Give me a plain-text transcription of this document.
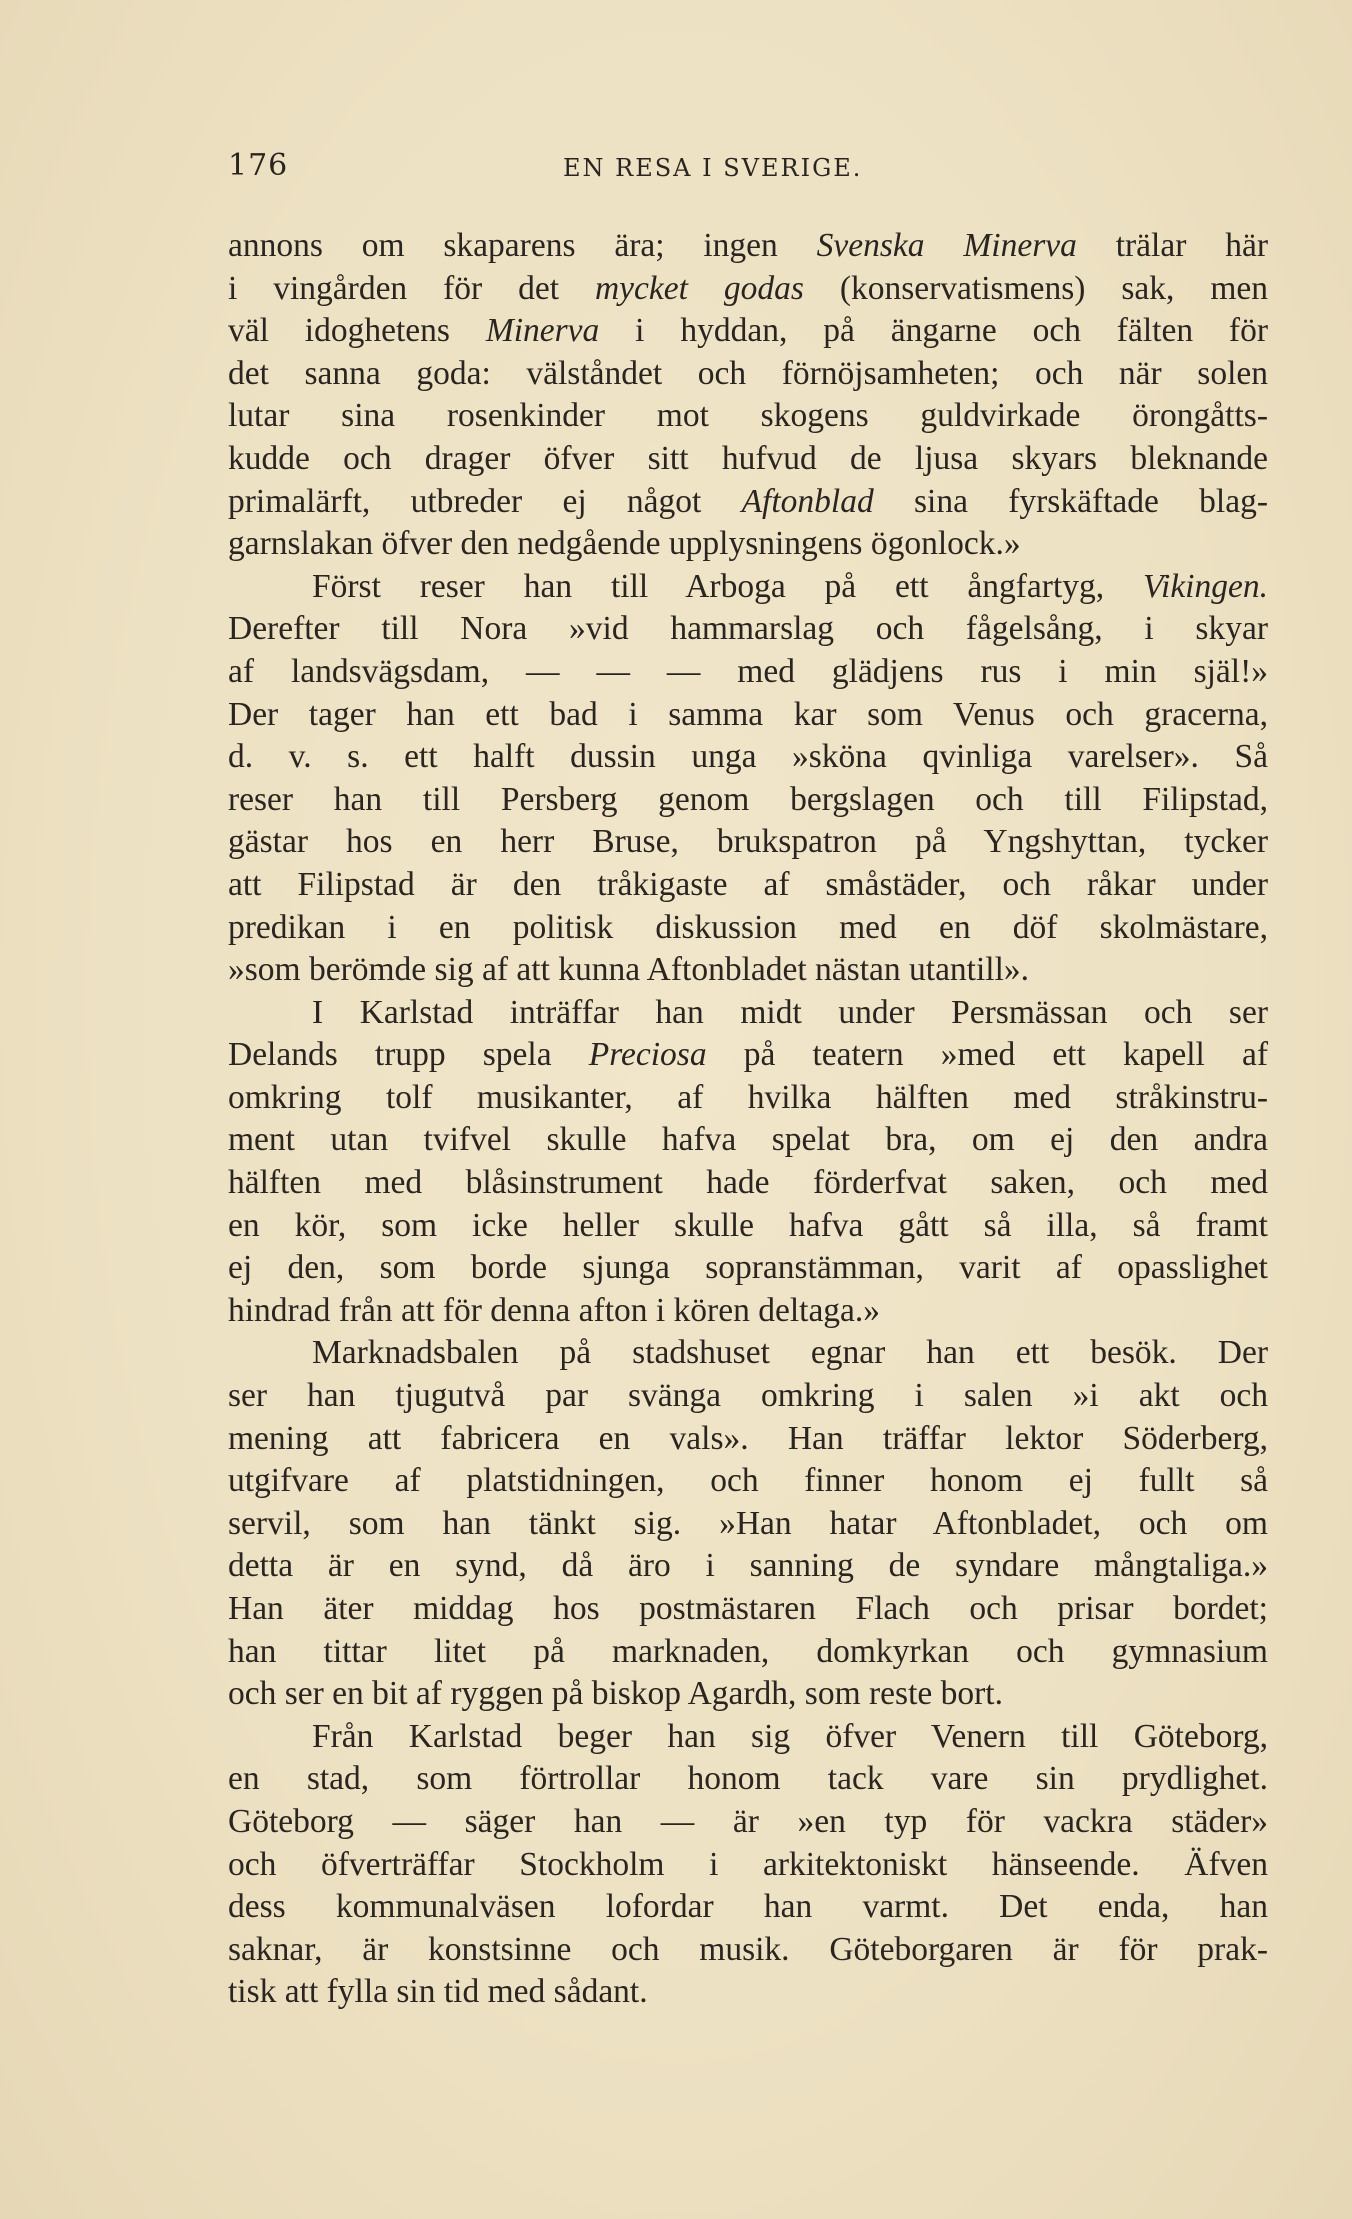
176	EN RESA I SVERIGE.
annons om skaparens ära; ingen Svenska Minerva trälar här
i vingården för det mycket godas (konservatismens) sak, men
väl idoghetens Minerva i hyddan, på ängarne och fälten för
det sanna goda: välståndet och förnöjsamheten; och när solen
lutar sina rosenkinder mot skogens guldvirkade örongåtts-
kudde och drager öfver sitt hufvud de ljusa skyars bleknande
primalärft, utbreder ej något Aftonblad sina fyrskäftade blag-
garnslakan öfver den nedgående upplysningens ögonlock.»
Först reser han till Arboga på ett ångfartyg, Vikingen.
Derefter till Nora »vid hammarslag och fågelsång, i skyar
af landsvägsdam, — — — med glädjens rus i min själ!»
Der tager han ett bad i samma kar som Venus och gracerna,
d. v. s. ett halft dussin unga »sköna qvinliga varelser». Så
reser han till Persberg genom bergslagen och till Filipstad,
gästar hos en herr Bruse, brukspatron på Yngshyttan, tycker
att Filipstad är den tråkigaste af småstäder, och råkar under
predikan i en politisk diskussion med en döf skolmästare,
»som berömde sig af att kunna Aftonbladet nästan utantill».
I Karlstad inträffar han midt under Persmässan och ser
Delands trupp spela Preciosa på teatern »med ett kapell af
omkring tolf musikanter, af hvilka hälften med stråkinstru-
ment utan tvifvel skulle hafva spelat bra, om ej den andra
hälften med blåsinstrument hade förderfvat saken, och med
en kör, som icke heller skulle hafva gått så illa, så framt
ej den, som borde sjunga sopranstämman, varit af opasslighet
hindrad från att för denna afton i kören deltaga.»
Marknadsbalen på stadshuset egnar han ett besök. Der
ser han tjugutvå par svänga omkring i salen »i akt och
mening att fabricera en vals». Han träffar lektor Söderberg,
utgifvare af platstidningen, och finner honom ej fullt så
servil, som han tänkt sig. »Han hatar Aftonbladet, och om
detta är en synd, då äro i sanning de syndare mångtaliga.»
Han äter middag hos postmästaren Flach och prisar bordet;
han tittar litet på marknaden, domkyrkan och gymnasium
och ser en bit af ryggen på biskop Agardh, som reste bort.
Från Karlstad beger han sig öfver Venern till Göteborg,
en stad, som förtrollar honom tack vare sin prydlighet.
Göteborg — säger han — är »en typ för vackra städer»
och öfverträffar Stockholm i arkitektoniskt hänseende. Äfven
dess kommunalväsen lofordar han varmt. Det enda, han
saknar, är konstsinne och musik. Göteborgaren är för prak-
tisk att fylla sin tid med sådant.
